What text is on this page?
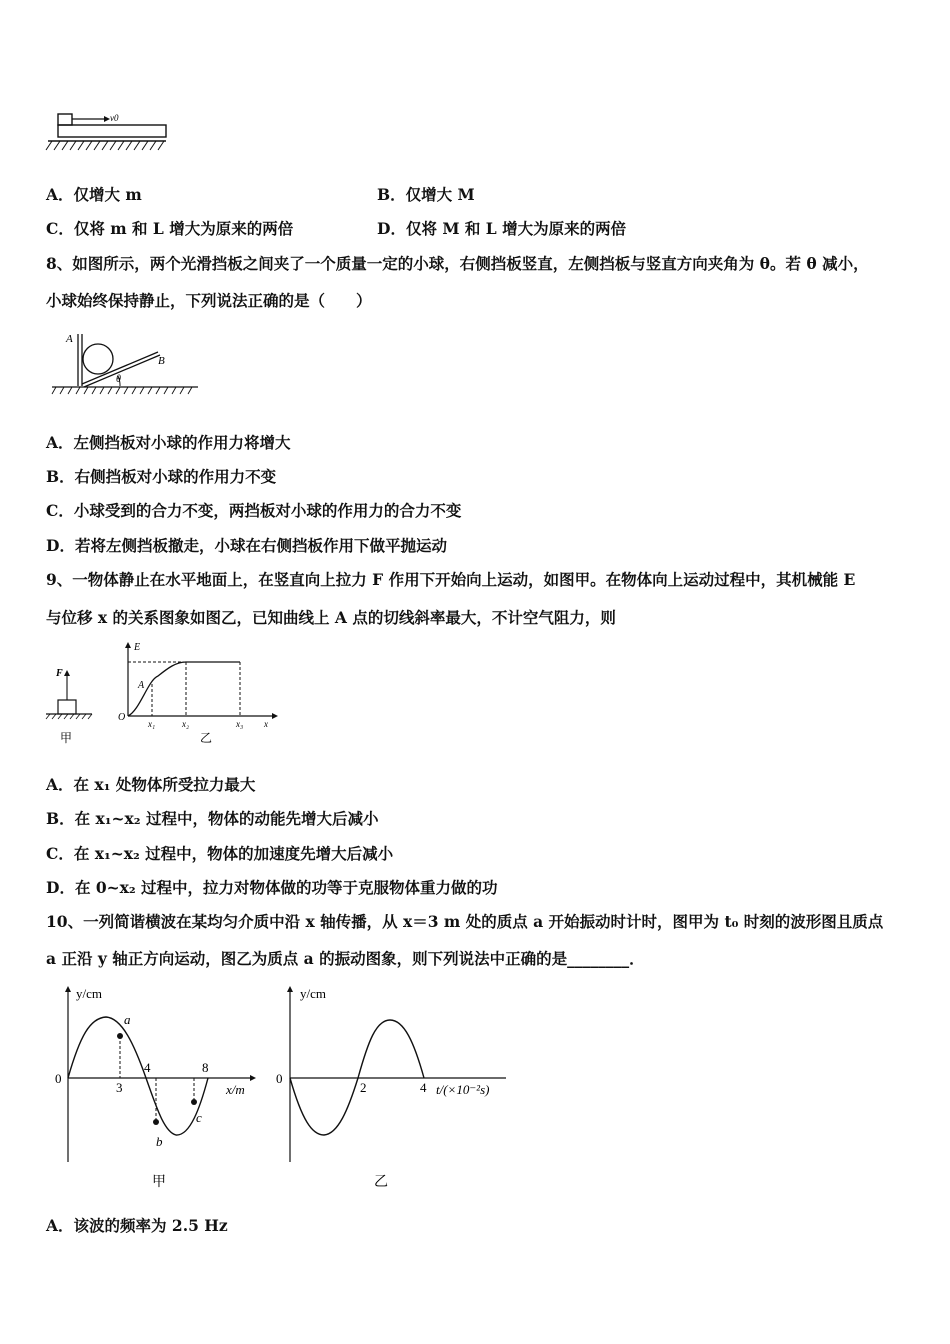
v0
A．仅增大 m	B．仅增大 M
C．仅将 m 和 L 增大为原来的两倍	D．仅将 M 和 L 增大为原来的两倍
8、如图所示，两个光滑挡板之间夹了一个质量一定的小球，右侧挡板竖直，左侧挡板与竖直方向夹角为 θ。若 θ 减小，
小球始终保持静止，下列说法正确的是（　　）
A
B
θ
A．左侧挡板对小球的作用力将增大
B．右侧挡板对小球的作用力不变
C．小球受到的合力不变，两挡板对小球的作用力的合力不变
D．若将左侧挡板撤走，小球在右侧挡板作用下做平抛运动
9、一物体静止在水平地面上，在竖直向上拉力 F 作用下开始向上运动，如图甲。在物体向上运动过程中，其机械能 E
与位移 x 的关系图象如图乙，已知曲线上 A 点的切线斜率最大，不计空气阻力，则
F
甲
E
A
O
x₁	x₂	x₃ x
乙
A．在 x₁ 处物体所受拉力最大
B．在 x₁~x₂ 过程中，物体的动能先增大后减小
C．在 x₁~x₂ 过程中，物体的加速度先增大后减小
D．在 0~x₂ 过程中，拉力对物体做的功等于克服物体重力做的功
10、一列简谐横波在某均匀介质中沿 x 轴传播，从 x＝3 m 处的质点 a 开始振动时计时，图甲为 t₀ 时刻的波形图且质点
a 正沿 y 轴正方向运动，图乙为质点 a 的振动图象，则下列说法中正确的是________．
y/cm
x/m
0
3
4	8
a
b
c
甲
y/cm
t/(×10⁻²s)
0
2	4
乙
A．该波的频率为 2.5 Hz
